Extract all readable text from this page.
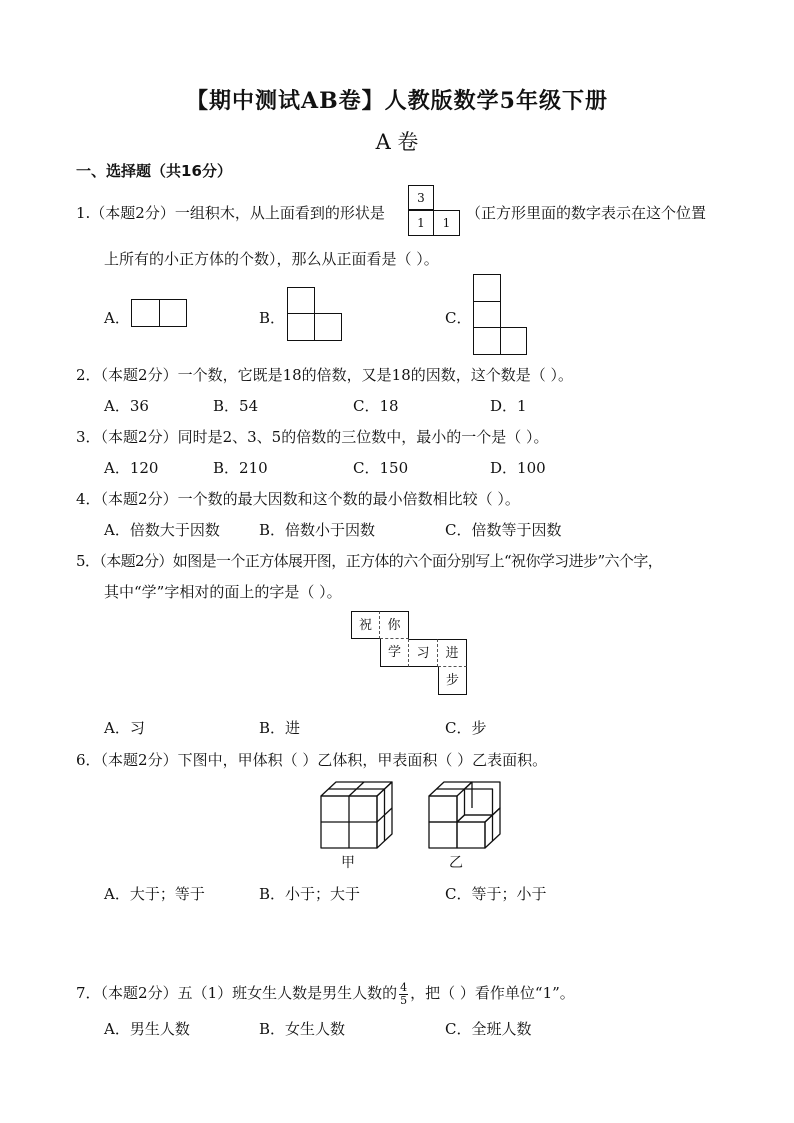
【期中测试AB卷】人教版数学5年级下册
A 卷
一、选择题（共16分）
1.（本题2分）一组积木，从上面看到的形状是
3
1	1
（正方形里面的数字表示在这个位置
上所有的小正方体的个数），那么从正面看是（ ）。
A．	B．	C．
2．（本题2分）一个数，它既是18的倍数，又是18的因数，这个数是（ ）。
A．36	B．54	C．18	D．1
3．（本题2分）同时是2、3、5的倍数的三位数中，最小的一个是（ ）。
A．120	B．210	C．150	D．100
4．（本题2分）一个数的最大因数和这个数的最小倍数相比较（ ）。
A．倍数大于因数	B．倍数小于因数	C．倍数等于因数
5．（本题2分）如图是一个正方体展开图，正方体的六个面分别写上“祝你学习进步”六个字，
其中“学”字相对的面上的字是（ ）。
祝	你
学	习	进
步
A．习	B．进	C．步
6．（本题2分）下图中，甲体积（ ）乙体积，甲表面积（ ）乙表面积。
甲	乙
A．大于；等于	B．小于；大于	C．等于；小于
7．（本题2分）五（1）班女生人数是男生人数的 $\frac{4}{5}$ ，把（ ）看作单位“1”。
A．男生人数	B．女生人数	C．全班人数
